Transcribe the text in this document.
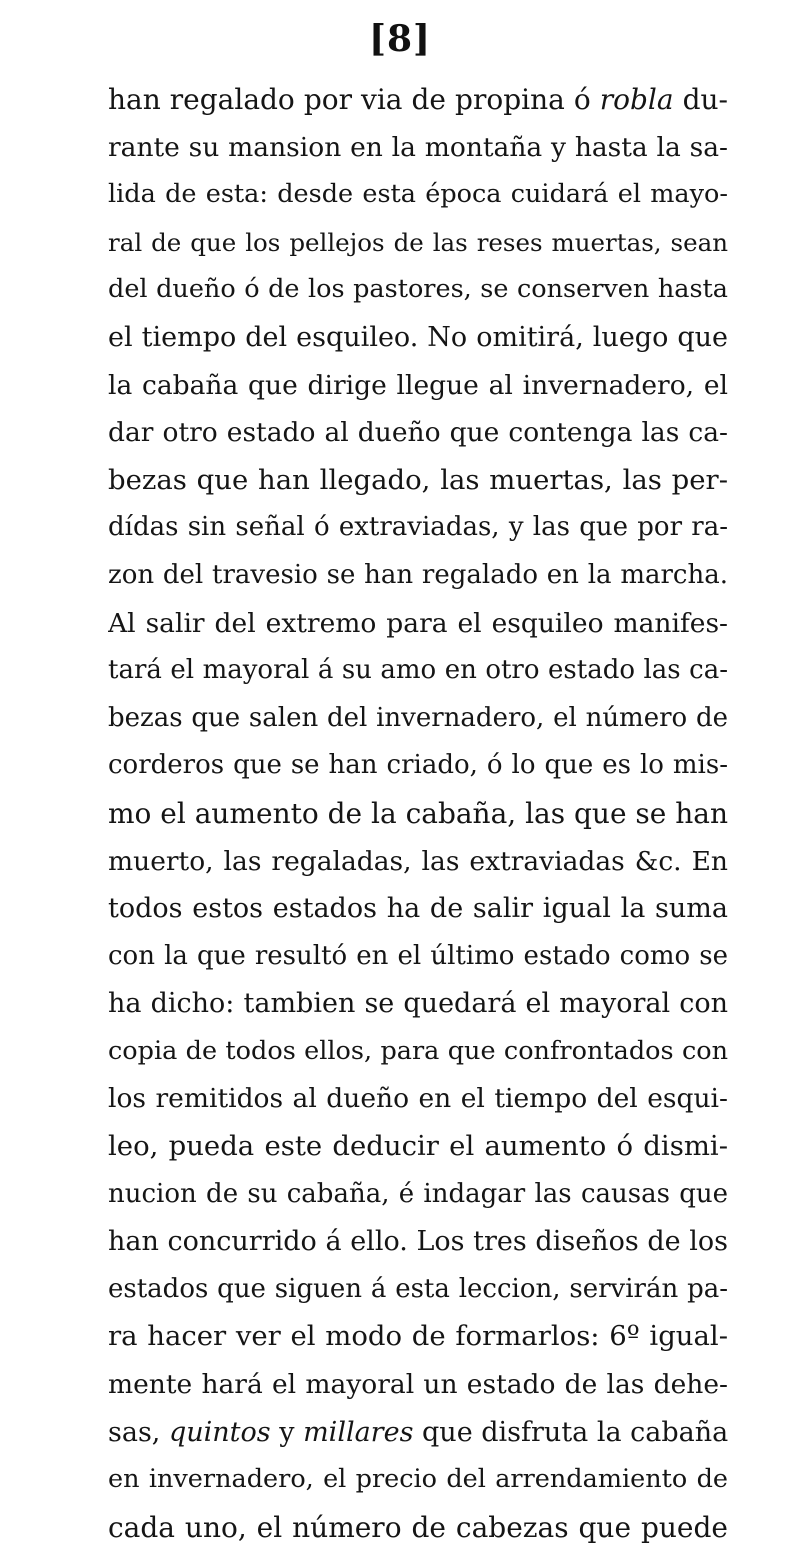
[8]
han regalado por via de propina ó robla du-
rante su mansion en la montaña y hasta la sa-
lida de esta: desde esta época cuidará el mayo-
ral de que los pellejos de las reses muertas, sean
del dueño ó de los pastores, se conserven hasta
el tiempo del esquileo. No omitirá, luego que
la cabaña que dirige llegue al invernadero, el
dar otro estado al dueño que contenga las ca-
bezas que han llegado, las muertas, las per-
dídas sin señal ó extraviadas, y las que por ra-
zon del travesio se han regalado en la marcha.
Al salir del extremo para el esquileo manifes-
tará el mayoral á su amo en otro estado las ca-
bezas que salen del invernadero, el número de
corderos que se han criado, ó lo que es lo mis-
mo el aumento de la cabaña, las que se han
muerto, las regaladas, las extraviadas &c. En
todos estos estados ha de salir igual la suma
con la que resultó en el último estado como se
ha dicho: tambien se quedará el mayoral con
copia de todos ellos, para que confrontados con
los remitidos al dueño en el tiempo del esqui-
leo, pueda este deducir el aumento ó dismi-
nucion de su cabaña, é indagar las causas que
han concurrido á ello. Los tres diseños de los
estados que siguen á esta leccion, servirán pa-
ra hacer ver el modo de formarlos: 6º igual-
mente hará el mayoral un estado de las dehe-
sas, quintos y millares que disfruta la cabaña
en invernadero, el precio del arrendamiento de
cada uno, el número de cabezas que puede
